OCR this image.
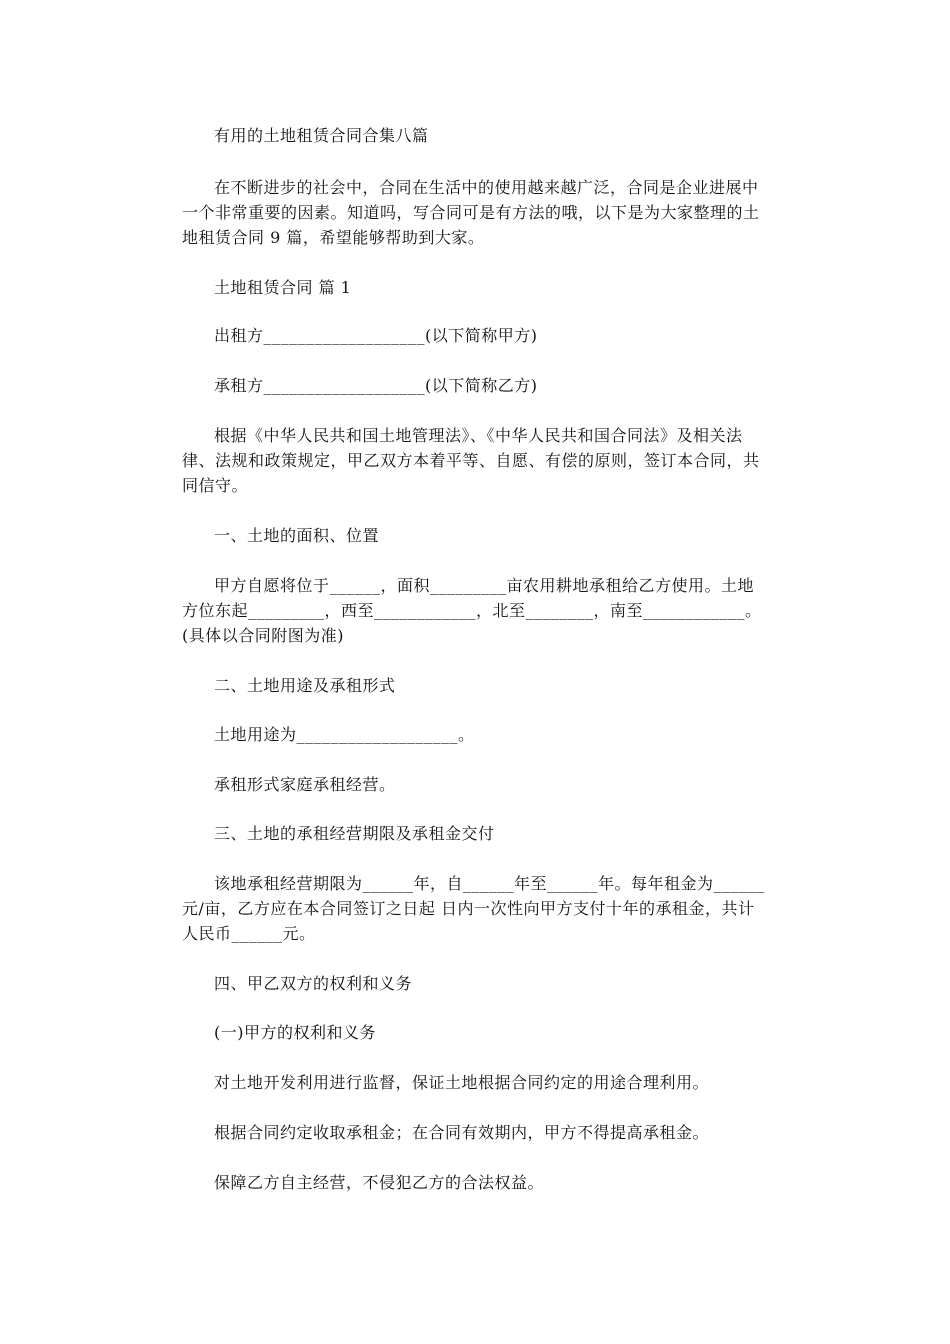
有用的土地租赁合同合集八篇
在不断进步的社会中，合同在生活中的使用越来越广泛，合同是企业进展中
一个非常重要的因素。知道吗，写合同可是有方法的哦，以下是为大家整理的土
地租赁合同 9 篇，希望能够帮助到大家。
土地租赁合同 篇 1
出租方___________________(以下简称甲方)
承租方___________________(以下简称乙方)
根据《中华人民共和国土地管理法》、《中华人民共和国合同法》及相关法
律、法规和政策规定，甲乙双方本着平等、自愿、有偿的原则，签订本合同，共
同信守。
一、土地的面积、位置
甲方自愿将位于______，面积_________亩农用耕地承租给乙方使用。土地
方位东起_________，西至____________，北至________，南至____________。
(具体以合同附图为准)
二、土地用途及承租形式
土地用途为___________________。
承租形式家庭承租经营。
三、土地的承租经营期限及承租金交付
该地承租经营期限为______年，自______年至______年。每年租金为______
元/亩，乙方应在本合同签订之日起 日内一次性向甲方支付十年的承租金，共计
人民币______元。
四、甲乙双方的权利和义务
(一)甲方的权利和义务
对土地开发利用进行监督，保证土地根据合同约定的用途合理利用。
根据合同约定收取承租金；在合同有效期内，甲方不得提高承租金。
保障乙方自主经营，不侵犯乙方的合法权益。
